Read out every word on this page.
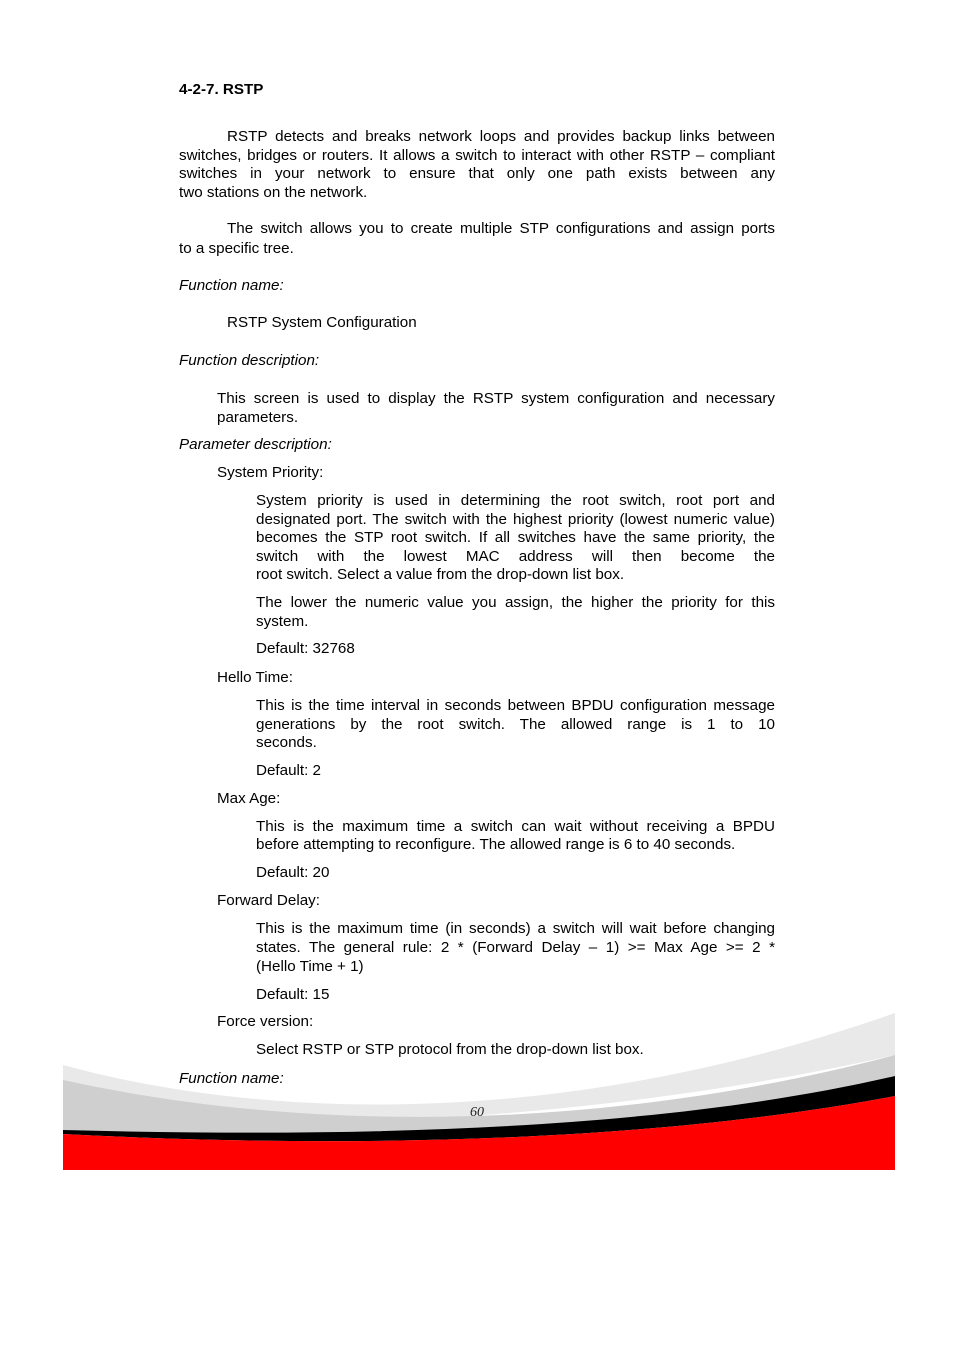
4-2-7. RSTP
RSTP detects and breaks network loops and provides backup links between switches, bridges or routers. It allows a switch to interact with other RSTP – compliant switches in your network to ensure that only one path exists between any
two stations on the network.
The switch allows you to create multiple STP configurations and assign ports
to a specific tree.
Function name:
RSTP System Configuration
Function description:
This screen is used to display the RSTP system configuration and necessary
parameters.
Parameter description:
System Priority:
System priority is used in determining the root switch, root port and designated port. The switch with the highest priority (lowest numeric value) becomes the STP root switch. If all switches have the same priority, the switch with the lowest MAC address will then become the
root switch. Select a value from the drop-down list box.
The lower the numeric value you assign, the higher the priority for this
system.
Default: 32768
Hello Time:
This is the time interval in seconds between BPDU configuration message generations by the root switch. The allowed range is 1 to 10
seconds.
Default: 2
Max Age:
This is the maximum time a switch can wait without receiving a BPDU
before attempting to reconfigure. The allowed range is 6 to 40 seconds.
Default: 20
Forward Delay:
This is the maximum time (in seconds) a switch will wait before changing states. The general rule: 2 * (Forward Delay – 1) >= Max Age >= 2 *
(Hello Time + 1)
Default: 15
Force version:
Select RSTP or STP protocol from the drop-down list box.
Function name:
60
